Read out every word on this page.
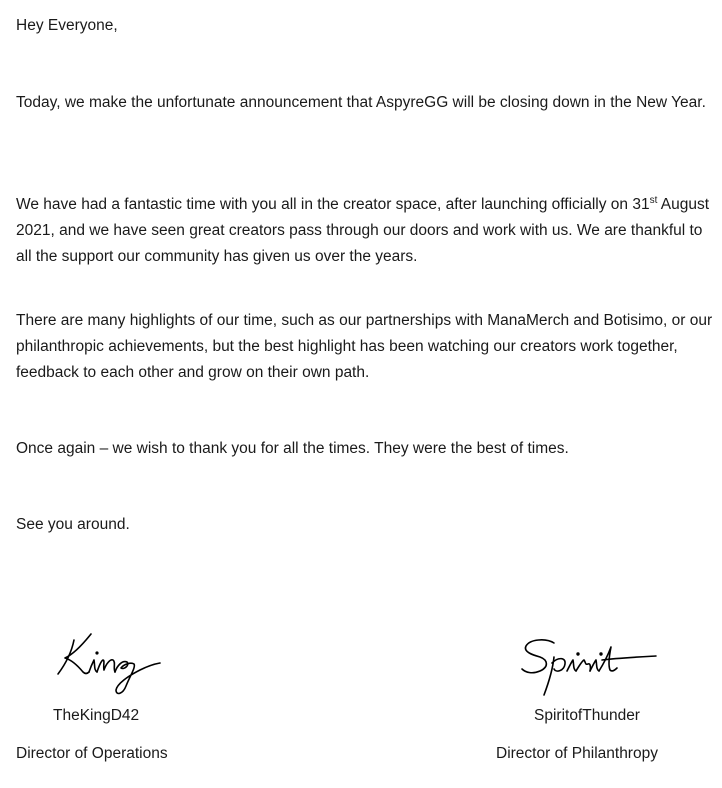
Hey Everyone,

Today, we make the unfortunate announcement that AspyreGG will be closing down in the New Year.

We have had a fantastic time with you all in the creator space, after launching officially on 31st August 2021, and we have seen great creators pass through our doors and work with us. We are thankful to all the support our community has given us over the years.

There are many highlights of our time, such as our partnerships with ManaMerch and Botisimo, or our philanthropic achievements, but the best highlight has been watching our creators work together, feedback to each other and grow on their own path.

Once again – we wish to thank you for all the times. They were the best of times.

See you around.

TheKingD42
Director of Operations
SpiritofThunder
Director of Philanthropy
